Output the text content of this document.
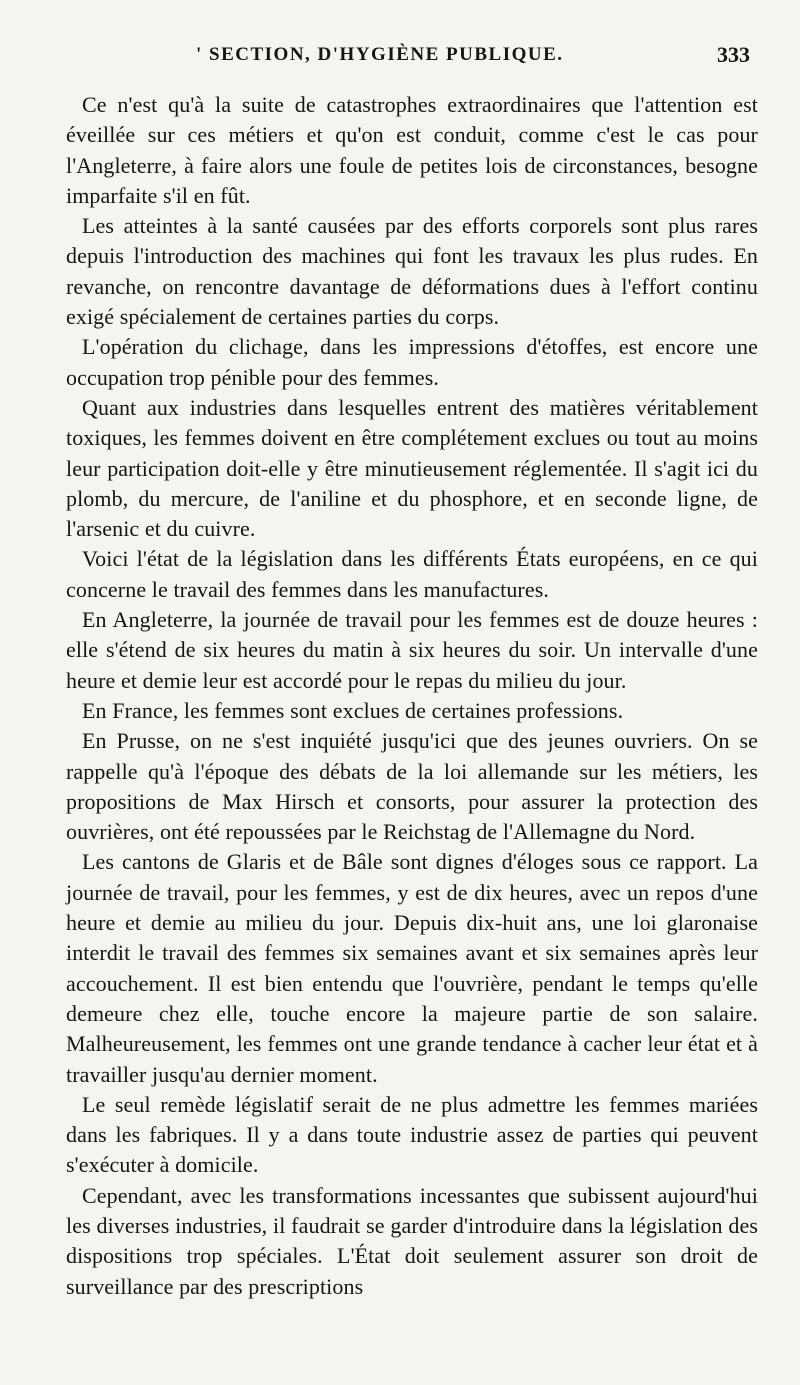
' SECTION, D'HYGIÈNE PUBLIQUE.	333

Ce n'est qu'à la suite de catastrophes extraordinaires que l'attention est éveillée sur ces métiers et qu'on est conduit, comme c'est le cas pour l'Angleterre, à faire alors une foule de petites lois de circonstances, besogne imparfaite s'il en fût.

Les atteintes à la santé causées par des efforts corporels sont plus rares depuis l'introduction des machines qui font les travaux les plus rudes. En revanche, on rencontre davantage de déformations dues à l'effort continu exigé spécialement de certaines parties du corps.

L'opération du clichage, dans les impressions d'étoffes, est encore une occupation trop pénible pour des femmes.

Quant aux industries dans lesquelles entrent des matières véritablement toxiques, les femmes doivent en être complétement exclues ou tout au moins leur participation doit-elle y être minutieusement réglementée. Il s'agit ici du plomb, du mercure, de l'aniline et du phosphore, et en seconde ligne, de l'arsenic et du cuivre.

Voici l'état de la législation dans les différents États européens, en ce qui concerne le travail des femmes dans les manufactures.

En Angleterre, la journée de travail pour les femmes est de douze heures : elle s'étend de six heures du matin à six heures du soir. Un intervalle d'une heure et demie leur est accordé pour le repas du milieu du jour.

En France, les femmes sont exclues de certaines professions.

En Prusse, on ne s'est inquiété jusqu'ici que des jeunes ouvriers. On se rappelle qu'à l'époque des débats de la loi allemande sur les métiers, les propositions de Max Hirsch et consorts, pour assurer la protection des ouvrières, ont été repoussées par le Reichstag de l'Allemagne du Nord.

Les cantons de Glaris et de Bâle sont dignes d'éloges sous ce rapport. La journée de travail, pour les femmes, y est de dix heures, avec un repos d'une heure et demie au milieu du jour. Depuis dix-huit ans, une loi glaronaise interdit le travail des femmes six semaines avant et six semaines après leur accouchement. Il est bien entendu que l'ouvrière, pendant le temps qu'elle demeure chez elle, touche encore la majeure partie de son salaire. Malheureusement, les femmes ont une grande tendance à cacher leur état et à travailler jusqu'au dernier moment.

Le seul remède législatif serait de ne plus admettre les femmes mariées dans les fabriques. Il y a dans toute industrie assez de parties qui peuvent s'exécuter à domicile.

Cependant, avec les transformations incessantes que subissent aujourd'hui les diverses industries, il faudrait se garder d'introduire dans la législation des dispositions trop spéciales. L'État doit seulement assurer son droit de surveillance par des prescriptions
